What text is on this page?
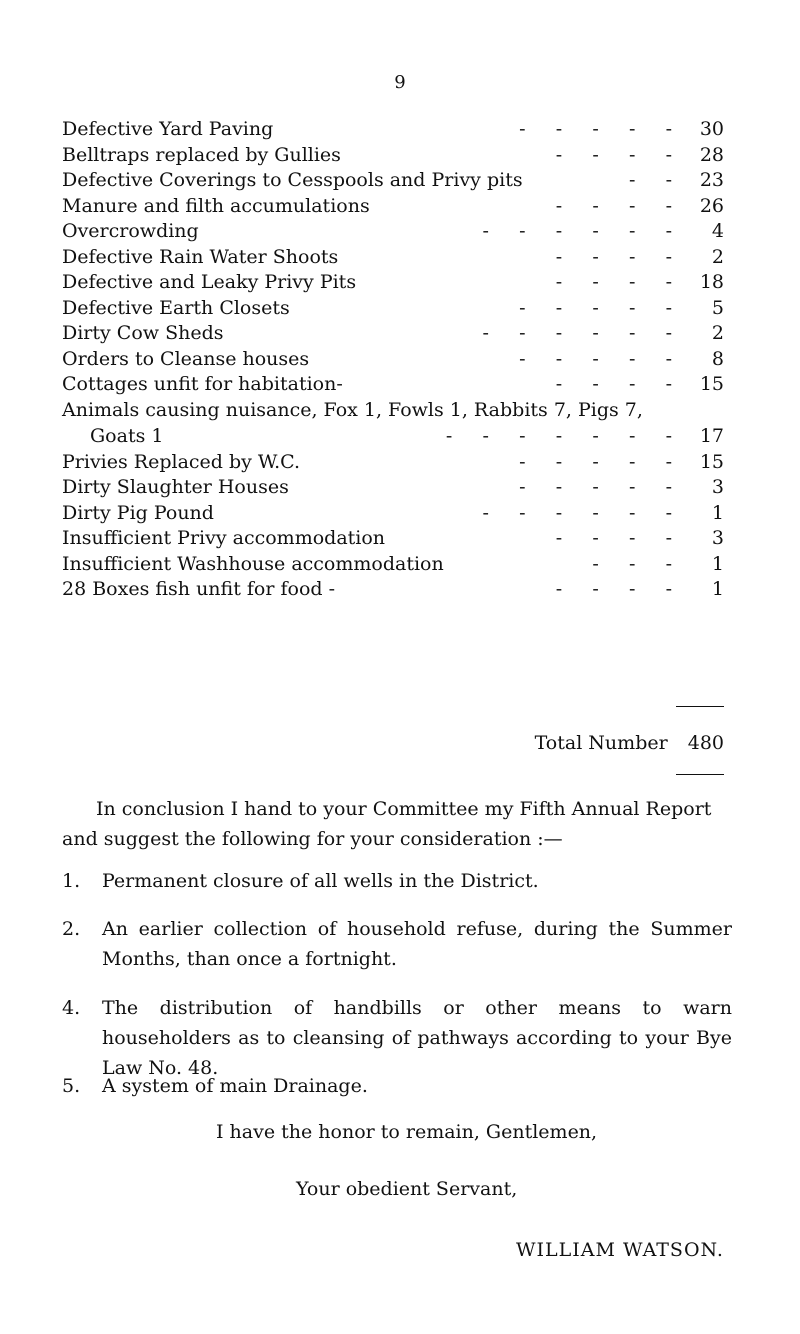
9
Defective Yard Paving	-     -     -     -     - 30
Belltraps replaced by Gullies	-     -     -     - 28
Defective Coverings to Cesspools and Privy pits	-     - 23
Manure and filth accumulations	-     -     -     - 26
Overcrowding	-     -     -     -     -     - 4
Defective Rain Water Shoots	-     -     -     - 2
Defective and Leaky Privy Pits	-     -     -     - 18
Defective Earth Closets	-     -     -     -     - 5
Dirty Cow Sheds	-     -     -     -     -     - 2
Orders to Cleanse houses	-     -     -     -     - 8
Cottages unfit for habitation-	-     -     -     - 15
Animals causing nuisance, Fox 1, Fowls 1, Rabbits 7, Pigs 7,
Goats 1	-     -     -     -     -     -     - 17
Privies Replaced by W.C.	-     -     -     -     - 15
Dirty Slaughter Houses	-     -     -     -     - 3
Dirty Pig Pound	-     -     -     -     -     - 1
Insufficient Privy accommodation	-     -     -     - 3
Insufficient Washhouse accommodation	-     -     - 1
28 Boxes fish unfit for food -	-     -     -     - 1
Total Number 480
In conclusion I hand to your Committee my Fifth Annual Report and suggest the following for your consideration :—
1. Permanent closure of all wells in the District.
2. An earlier collection of household refuse, during the Summer Months, than once a fortnight.
4. The distribution of handbills or other means to warn householders as to cleansing of pathways according to your Bye Law No. 48.
5. A system of main Drainage.
I have the honor to remain, Gentlemen,
Your obedient Servant,
WILLIAM WATSON.
